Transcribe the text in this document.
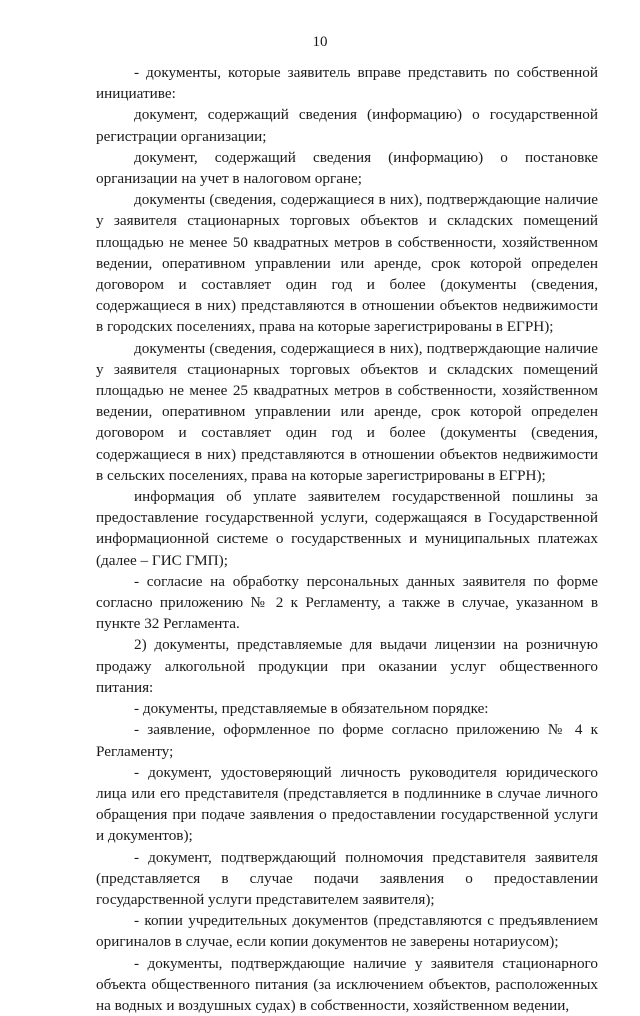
10

- документы, которые заявитель вправе представить по собственной инициативе:

документ, содержащий сведения (информацию) о государственной регистрации организации;

документ, содержащий сведения (информацию) о постановке организации на учет в налоговом органе;

документы (сведения, содержащиеся в них), подтверждающие наличие у заявителя стационарных торговых объектов и складских помещений площадью не менее 50 квадратных метров в собственности, хозяйственном ведении, оперативном управлении или аренде, срок которой определен договором и составляет один год и более (документы (сведения, содержащиеся в них) представляются в отношении объектов недвижимости в городских поселениях, права на которые зарегистрированы в ЕГРН);

документы (сведения, содержащиеся в них), подтверждающие наличие у заявителя стационарных торговых объектов и складских помещений площадью не менее 25 квадратных метров в собственности, хозяйственном ведении, оперативном управлении или аренде, срок которой определен договором и составляет один год и более (документы (сведения, содержащиеся в них) представляются в отношении объектов недвижимости в сельских поселениях, права на которые зарегистрированы в ЕГРН);

информация об уплате заявителем государственной пошлины за предоставление государственной услуги, содержащаяся в Государственной информационной системе о государственных и муниципальных платежах (далее – ГИС ГМП);

- согласие на обработку персональных данных заявителя по форме согласно приложению № 2 к Регламенту, а также в случае, указанном в пункте 32 Регламента.

2) документы, представляемые для выдачи лицензии на розничную продажу алкогольной продукции при оказании услуг общественного питания:

- документы, представляемые в обязательном порядке:

- заявление, оформленное по форме согласно приложению № 4 к Регламенту;

- документ, удостоверяющий личность руководителя юридического лица или его представителя (представляется в подлиннике в случае личного обращения при подаче заявления о предоставлении государственной услуги и документов);

- документ, подтверждающий полномочия представителя заявителя (представляется в случае подачи заявления о предоставлении государственной услуги представителем заявителя);

- копии учредительных документов (представляются с предъявлением оригиналов в случае, если копии документов не заверены нотариусом);

- документы, подтверждающие наличие у заявителя стационарного объекта общественного питания (за исключением объектов, расположенных на водных и воздушных судах) в собственности, хозяйственном ведении,
